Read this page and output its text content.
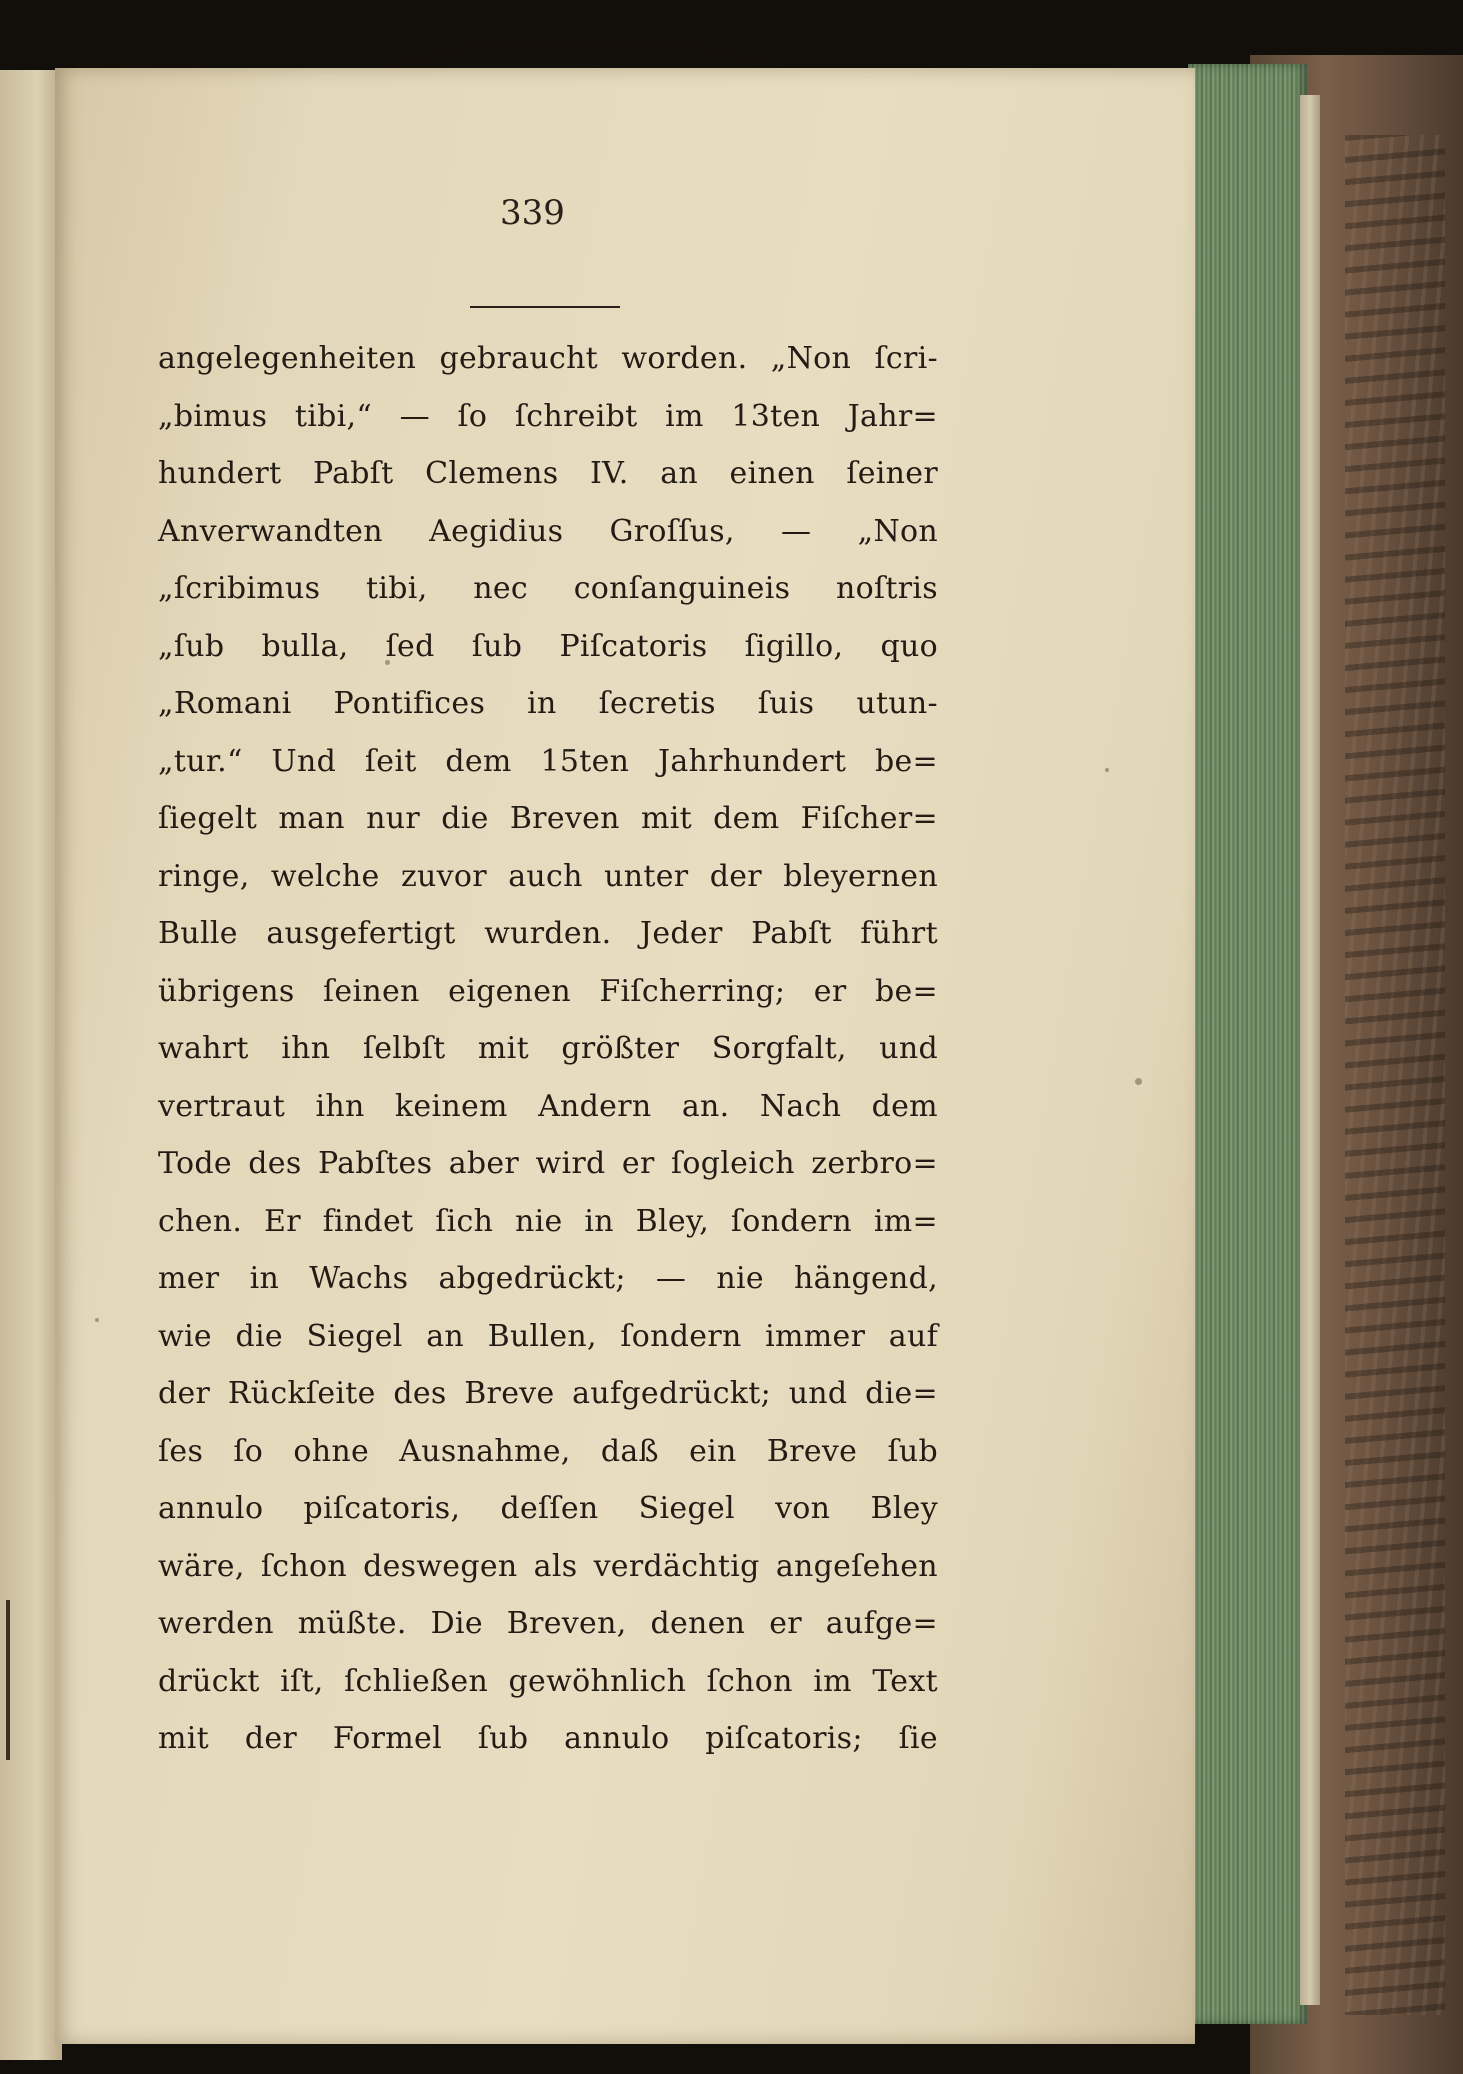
339
angelegenheiten gebraucht worden. „Non ſcri-
„bimus tibi,“ — ſo ſchreibt im 13ten Jahr=
hundert Pabſt Clemens IV. an einen ſeiner
Anverwandten Aegidius Groſſus, — „Non
„ſcribimus tibi, nec conſanguineis noſtris
„ſub bulla, ſed ſub Piſcatoris ſigillo, quo
„Romani Pontifices in ſecretis ſuis utun-
„tur.“ Und ſeit dem 15ten Jahrhundert be=
ſiegelt man nur die Breven mit dem Fiſcher=
ringe, welche zuvor auch unter der bleyernen
Bulle ausgefertigt wurden. Jeder Pabſt führt
übrigens ſeinen eigenen Fiſcherring; er be=
wahrt ihn ſelbſt mit größter Sorgfalt, und
vertraut ihn keinem Andern an. Nach dem
Tode des Pabſtes aber wird er ſogleich zerbro=
chen. Er findet ſich nie in Bley, ſondern im=
mer in Wachs abgedrückt; — nie hängend,
wie die Siegel an Bullen, ſondern immer auf
der Rückſeite des Breve aufgedrückt; und die=
ſes ſo ohne Ausnahme, daß ein Breve ſub
annulo piſcatoris, deſſen Siegel von Bley
wäre, ſchon deswegen als verdächtig angeſehen
werden müßte. Die Breven, denen er aufge=
drückt iſt, ſchließen gewöhnlich ſchon im Text
mit der Formel ſub annulo piſcatoris; ſie
